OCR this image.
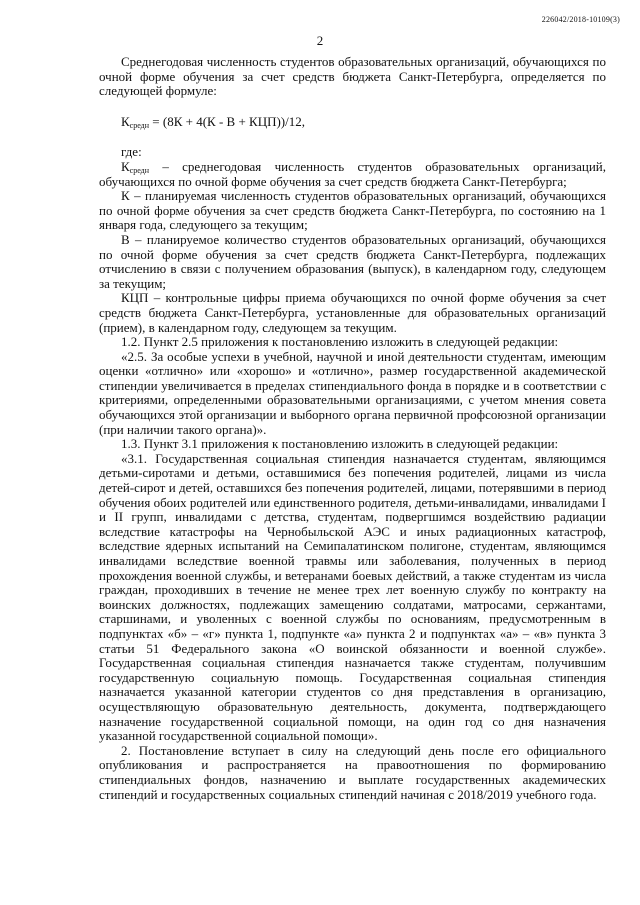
226042/2018-10109(3)
2

Среднегодовая численность студентов образовательных организаций, обучающихся по очной форме обучения за счет средств бюджета Санкт-Петербурга, определяется по следующей формуле:

$К_{средн} = (8К + 4(К - В + КЦП))/12$,

где:

$К_{средн}$ – среднегодовая численность студентов образовательных организаций, обучающихся по очной форме обучения за счет средств бюджета Санкт-Петербурга;

К – планируемая численность студентов образовательных организаций, обучающихся по очной форме обучения за счет средств бюджета Санкт-Петербурга, по состоянию на 1 января года, следующего за текущим;

В – планируемое количество студентов образовательных организаций, обучающихся по очной форме обучения за счет средств бюджета Санкт-Петербурга, подлежащих отчислению в связи с получением образования (выпуск), в календарном году, следующем за текущим;

КЦП – контрольные цифры приема обучающихся по очной форме обучения за счет средств бюджета Санкт-Петербурга, установленные для образовательных организаций (прием), в календарном году, следующем за текущим.

1.2. Пункт 2.5 приложения к постановлению изложить в следующей редакции:

«2.5. За особые успехи в учебной, научной и иной деятельности студентам, имеющим оценки «отлично» или «хорошо» и «отлично», размер государственной академической стипендии увеличивается в пределах стипендиального фонда в порядке и в соответствии с критериями, определенными образовательными организациями, с учетом мнения совета обучающихся этой организации и выборного органа первичной профсоюзной организации (при наличии такого органа)».

1.3. Пункт 3.1 приложения к постановлению изложить в следующей редакции:

«3.1. Государственная социальная стипендия назначается студентам, являющимся детьми-сиротами и детьми, оставшимися без попечения родителей, лицами из числа детей-сирот и детей, оставшихся без попечения родителей, лицами, потерявшими в период обучения обоих родителей или единственного родителя, детьми-инвалидами, инвалидами I и II групп, инвалидами с детства, студентам, подвергшимся воздействию радиации вследствие катастрофы на Чернобыльской АЭС и иных радиационных катастроф, вследствие ядерных испытаний на Семипалатинском полигоне, студентам, являющимся инвалидами вследствие военной травмы или заболевания, полученных в период прохождения военной службы, и ветеранами боевых действий, а также студентам из числа граждан, проходивших в течение не менее трех лет военную службу по контракту на воинских должностях, подлежащих замещению солдатами, матросами, сержантами, старшинами, и уволенных с военной службы по основаниям, предусмотренным в подпунктах «б» – «г» пункта 1, подпункте «а» пункта 2 и подпунктах «а» – «в» пункта 3 статьи 51 Федерального закона «О воинской обязанности и военной службе». Государственная социальная стипендия назначается также студентам, получившим государственную социальную помощь. Государственная социальная стипендия назначается указанной категории студентов со дня представления в организацию, осуществляющую образовательную деятельность, документа, подтверждающего назначение государственной социальной помощи, на один год со дня назначения указанной государственной социальной помощи».

2. Постановление вступает в силу на следующий день после его официального опубликования и распространяется на правоотношения по формированию стипендиальных фондов, назначению и выплате государственных академических стипендий и государственных социальных стипендий начиная с 2018/2019 учебного года.
